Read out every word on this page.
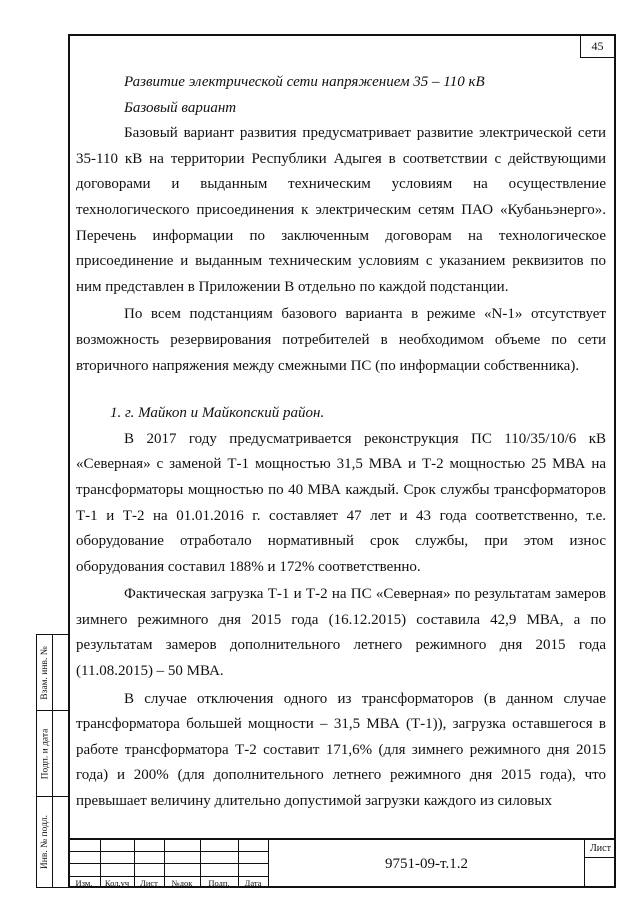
45

Развитие электрической сети напряжением 35 – 110 кВ

Базовый вариант

Базовый вариант развития предусматривает развитие электрической сети 35-110 кВ на территории Республики Адыгея в соответствии с действующими договорами и выданным техническим условиям на осуществление технологического присоединения к электрическим сетям ПАО «Кубаньэнерго». Перечень информации по заключенным договорам на технологическое присоединение и выданным техническим условиям с указанием реквизитов по ним представлен в Приложении В отдельно по каждой подстанции.

По всем подстанциям базового варианта в режиме «N-1» отсутствует возможность резервирования потребителей в необходимом объеме по сети вторичного напряжения между смежными ПС (по информации собственника).

1. г. Майкоп и Майкопский район.

В 2017 году предусматривается реконструкция ПС 110/35/10/6 кВ «Северная» с заменой Т-1 мощностью 31,5 МВА и Т-2 мощностью 25 МВА на трансформаторы мощностью по 40 МВА каждый. Срок службы трансформаторов Т-1 и Т-2 на 01.01.2016 г. составляет 47 лет и 43 года соответственно, т.е. оборудование отработало нормативный срок службы, при этом износ оборудования составил 188% и 172% соответственно.

Фактическая загрузка Т-1 и Т-2 на ПС «Северная» по результатам замеров зимнего режимного дня 2015 года (16.12.2015) составила 42,9 МВА, а по результатам замеров дополнительного летнего режимного дня 2015 года (11.08.2015) – 50 МВА.

В случае отключения одного из трансформаторов (в данном случае трансформатора большей мощности – 31,5 МВА (Т-1)), загрузка оставшегося в работе трансформатора Т-2 составит 171,6% (для зимнего режимного дня 2015 года) и 200% (для дополнительного летнего режимного дня 2015 года), что превышает величину длительно допустимой загрузки каждого из силовых

Взам. инв. №
Подп. и дата
Инв. № подл.
Изм.	Кол.уч	Лист	№док	Подп.	Дата
9751-09-т.1.2
Лист
